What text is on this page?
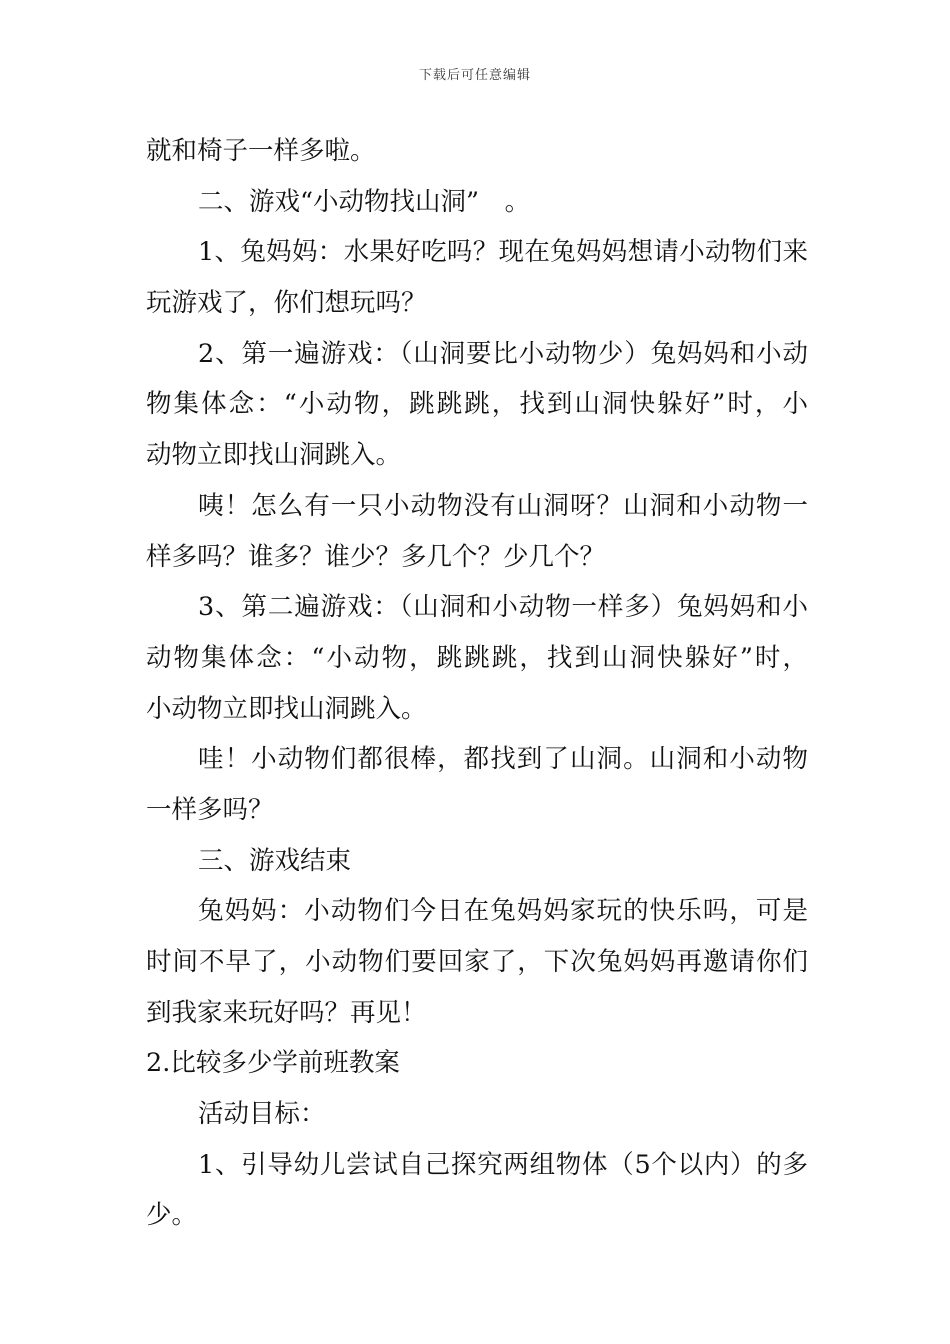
下载后可任意编辑
就和椅子一样多啦。
二、游戏“小动物找山洞”　。
1、兔妈妈：水果好吃吗？现在兔妈妈想请小动物们来
玩游戏了，你们想玩吗？
2、第一遍游戏：（山洞要比小动物少）兔妈妈和小动
物集体念：“小动物，跳跳跳，找到山洞快躲好”时，小
动物立即找山洞跳入。
咦！怎么有一只小动物没有山洞呀？山洞和小动物一
样多吗？谁多？谁少？多几个？少几个？
3、第二遍游戏：（山洞和小动物一样多）兔妈妈和小
动物集体念：“小动物，跳跳跳，找到山洞快躲好”时，
小动物立即找山洞跳入。
哇！小动物们都很棒，都找到了山洞。山洞和小动物
一样多吗？
三、游戏结束
兔妈妈：小动物们今日在兔妈妈家玩的快乐吗，可是
时间不早了，小动物们要回家了，下次兔妈妈再邀请你们
到我家来玩好吗？再见！
2.比较多少学前班教案
活动目标：
1、引导幼儿尝试自己探究两组物体（5个以内）的多
少。
